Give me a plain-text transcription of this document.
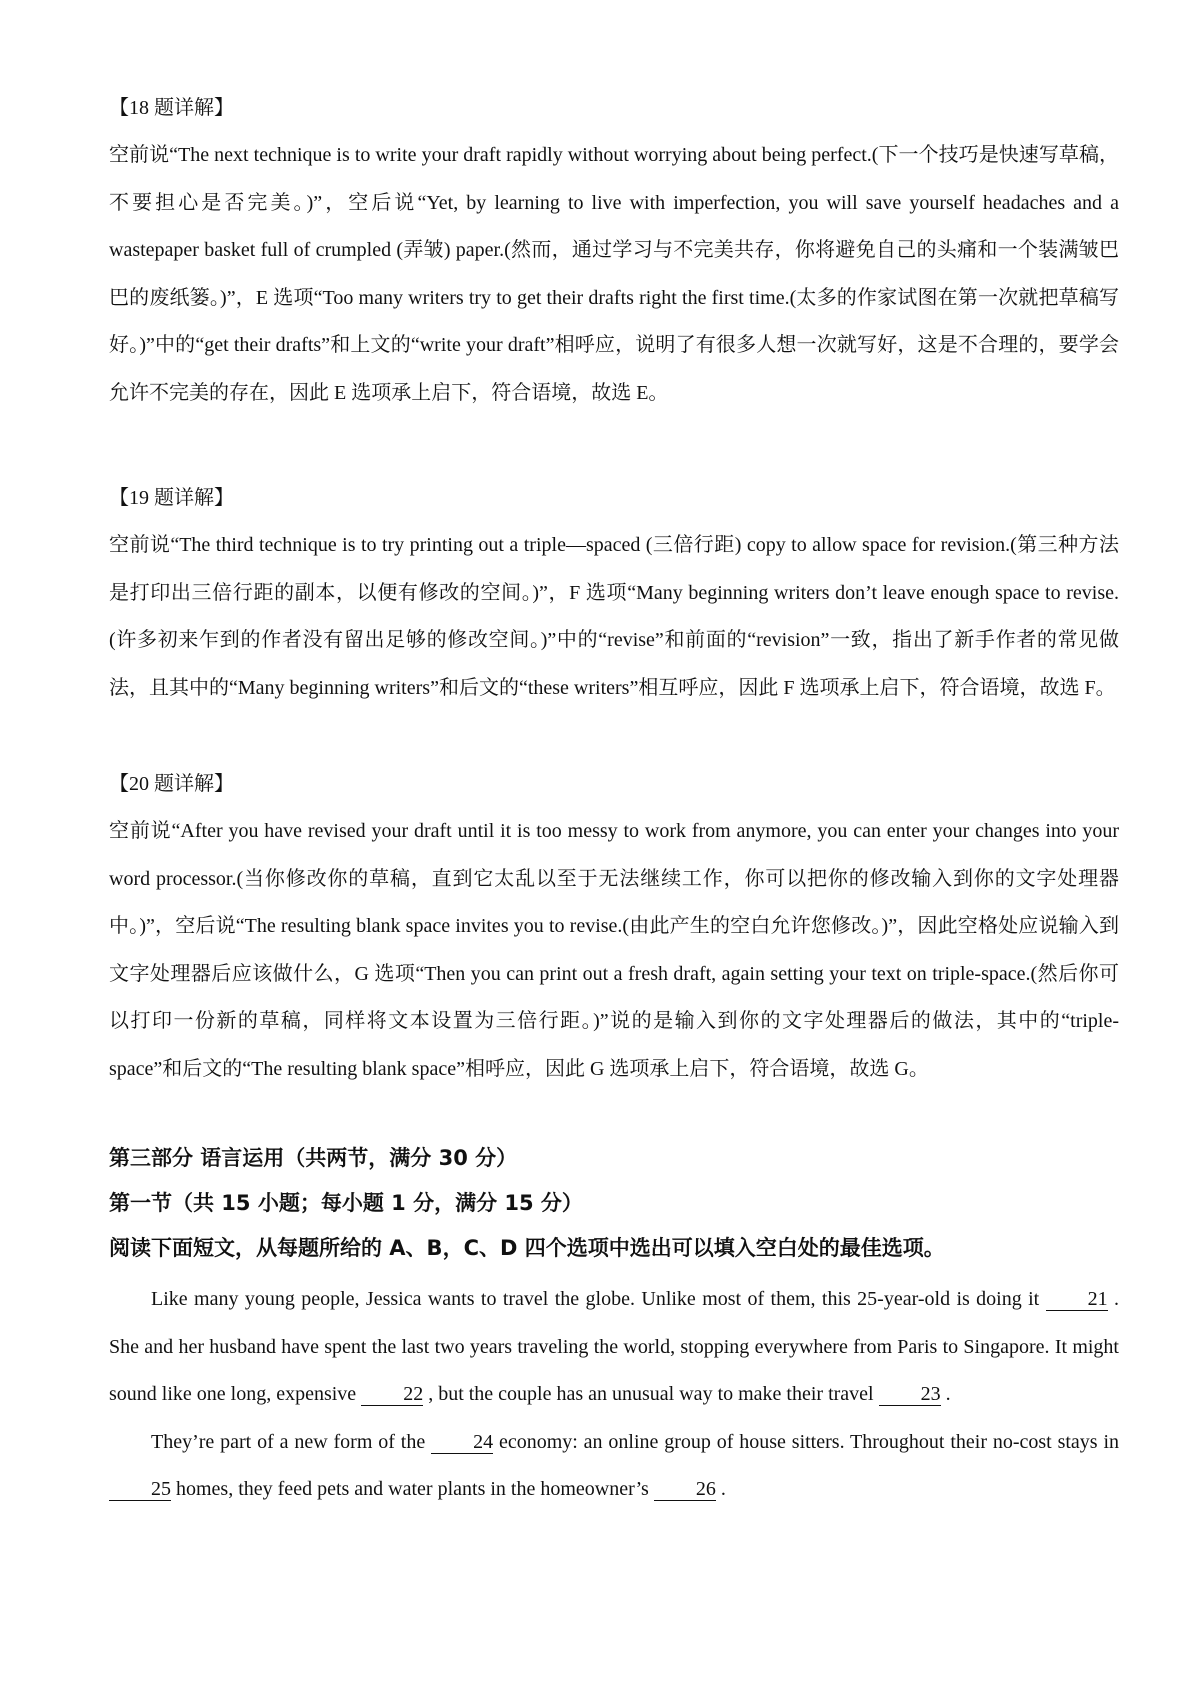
【18 题详解】

空前说“The next technique is to write your draft rapidly without worrying about being perfect.(下一个技巧是快速写草稿，不要担心是否完美。)”，空后说“Yet, by learning to live with imperfection, you will save yourself headaches and a wastepaper basket full of crumpled (弄皱) paper.(然而，通过学习与不完美共存，你将避免自己的头痛和一个装满皱巴巴的废纸篓。)”，E 选项“Too many writers try to get their drafts right the first time.(太多的作家试图在第一次就把草稿写好。)”中的“get their drafts”和上文的“write your draft”相呼应，说明了有很多人想一次就写好，这是不合理的，要学会允许不完美的存在，因此 E 选项承上启下，符合语境，故选 E。

【19 题详解】

空前说“The third technique is to try printing out a triple—spaced (三倍行距) copy to allow space for revision.(第三种方法是打印出三倍行距的副本，以便有修改的空间。)”，F 选项“Many beginning writers don’t leave enough space to revise.(许多初来乍到的作者没有留出足够的修改空间。)”中的“revise”和前面的“revision”一致，指出了新手作者的常见做法，且其中的“Many beginning writers”和后文的“these writers”相互呼应，因此 F 选项承上启下，符合语境，故选 F。

【20 题详解】

空前说“After you have revised your draft until it is too messy to work from anymore, you can enter your changes into your word processor.(当你修改你的草稿，直到它太乱以至于无法继续工作，你可以把你的修改输入到你的文字处理器中。)”，空后说“The resulting blank space invites you to revise.(由此产生的空白允许您修改。)”，因此空格处应说输入到文字处理器后应该做什么，G 选项“Then you can print out a fresh draft, again setting your text on triple-space.(然后你可以打印一份新的草稿，同样将文本设置为三倍行距。)”说的是输入到你的文字处理器后的做法，其中的“triple-space”和后文的“The resulting blank space”相呼应，因此 G 选项承上启下，符合语境，故选 G。

第三部分 语言运用（共两节，满分 30 分）

第一节（共 15 小题；每小题 1 分，满分 15 分）

阅读下面短文，从每题所给的 A、B，C、D 四个选项中选出可以填入空白处的最佳选项。

Like many young people, Jessica wants to travel the globe. Unlike most of them, this 25-year-old is doing it 21 . She and her husband have spent the last two years traveling the world, stopping everywhere from Paris to Singapore. It might sound like one long, expensive 22 , but the couple has an unusual way to make their travel 23 .

They’re part of a new form of the 24 economy: an online group of house sitters. Throughout their no-cost stays in 25 homes, they feed pets and water plants in the homeowner’s 26 .
